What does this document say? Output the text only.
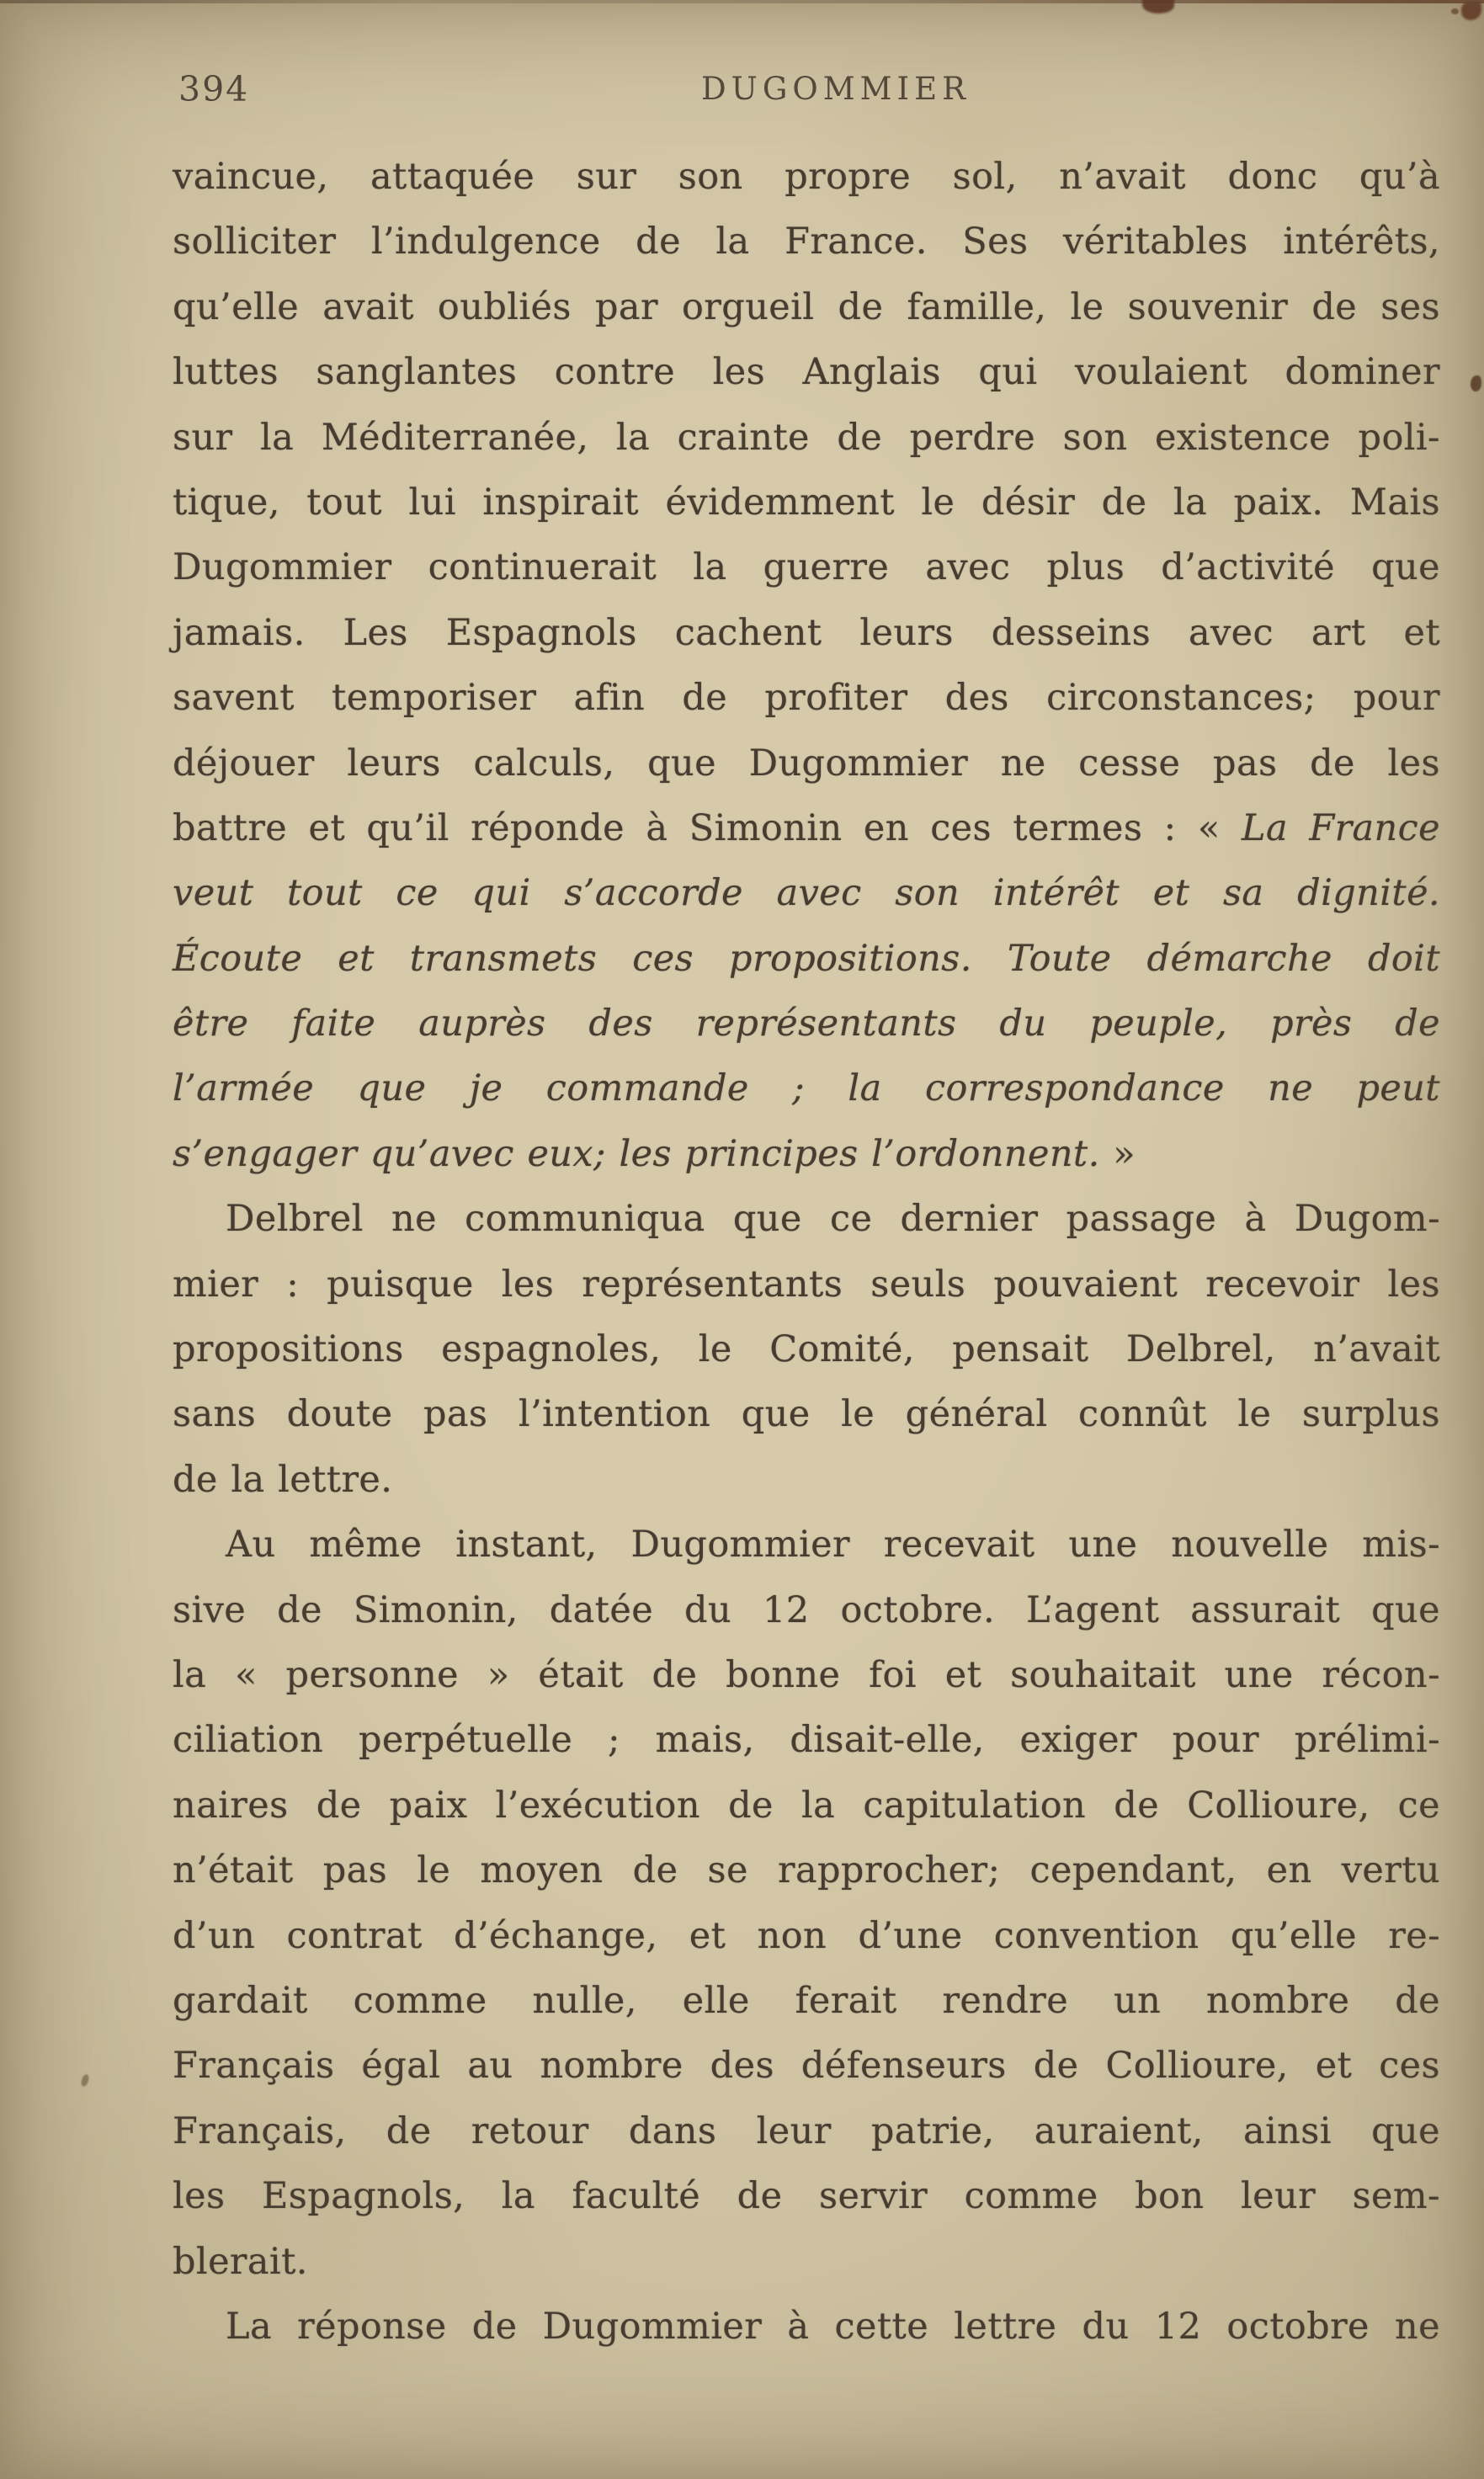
394	DUGOMMIER
vaincue, attaquée sur son propre sol, n’avait donc qu’à
solliciter l’indulgence de la France. Ses véritables intérêts,
qu’elle avait oubliés par orgueil de famille, le souvenir de ses
luttes sanglantes contre les Anglais qui voulaient dominer
sur la Méditerranée, la crainte de perdre son existence poli-
tique, tout lui inspirait évidemment le désir de la paix. Mais
Dugommier continuerait la guerre avec plus d’activité que
jamais. Les Espagnols cachent leurs desseins avec art et
savent temporiser afin de profiter des circonstances; pour
déjouer leurs calculs, que Dugommier ne cesse pas de les
battre et qu’il réponde à Simonin en ces termes : « La France
veut tout ce qui s’accorde avec son intérêt et sa dignité.
Écoute et transmets ces propositions. Toute démarche doit
être faite auprès des représentants du peuple, près de
l’armée que je commande ; la correspondance ne peut
s’engager qu’avec eux; les principes l’ordonnent. »
Delbrel ne communiqua que ce dernier passage à Dugom-
mier : puisque les représentants seuls pouvaient recevoir les
propositions espagnoles, le Comité, pensait Delbrel, n’avait
sans doute pas l’intention que le général connût le surplus
de la lettre.
Au même instant, Dugommier recevait une nouvelle mis-
sive de Simonin, datée du 12 octobre. L’agent assurait que
la « personne » était de bonne foi et souhaitait une récon-
ciliation perpétuelle ; mais, disait-elle, exiger pour prélimi-
naires de paix l’exécution de la capitulation de Collioure, ce
n’était pas le moyen de se rapprocher; cependant, en vertu
d’un contrat d’échange, et non d’une convention qu’elle re-
gardait comme nulle, elle ferait rendre un nombre de
Français égal au nombre des défenseurs de Collioure, et ces
Français, de retour dans leur patrie, auraient, ainsi que
les Espagnols, la faculté de servir comme bon leur sem-
blerait.
La réponse de Dugommier à cette lettre du 12 octobre ne
